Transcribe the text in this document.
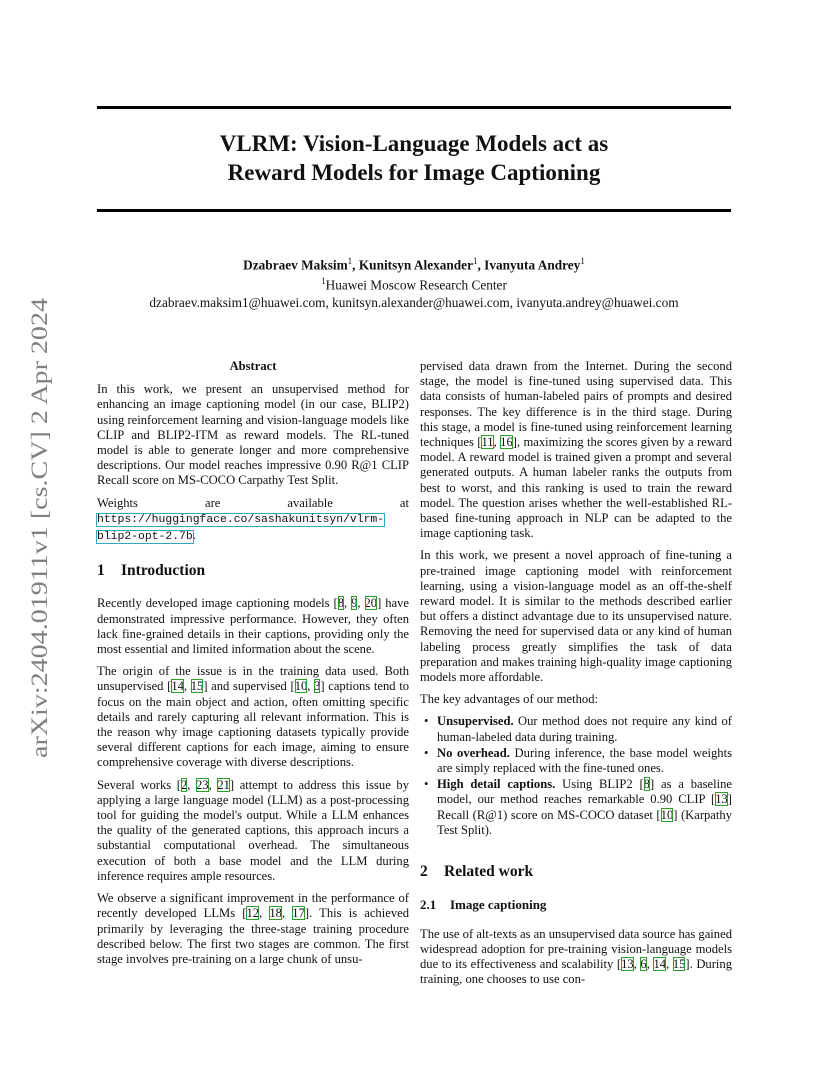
arXiv:2404.01911v1 [cs.CV] 2 Apr 2024
VLRM: Vision-Language Models act as
Reward Models for Image Captioning
Dzabraev Maksim$^1$, Kunitsyn Alexander$^1$, Ivanyuta Andrey$^1$
$^1$Huawei Moscow Research Center
dzabraev.maksim1@huawei.com, kunitsyn.alexander@huawei.com, ivanyuta.andrey@huawei.com
Abstract

In this work, we present an unsupervised method for enhancing an image captioning model (in our case, BLIP2) using reinforcement learning and vision-language models like CLIP and BLIP2-ITM as reward models. The RL-tuned model is able to generate longer and more comprehensive descriptions. Our model reaches impressive 0.90 R@1 CLIP Recall score on MS-COCO Carpathy Test Split.

Weights are available at https://huggingface.co/sashakunitsyn/vlrm-blip2-opt-2.7b.

1 Introduction

Recently developed image captioning models [8, 9, 20] have demonstrated impressive performance. However, they often lack fine-grained details in their captions, providing only the most essential and limited information about the scene.

The origin of the issue is in the training data used. Both unsupervised [14, 15] and supervised [10, 3] captions tend to focus on the main object and action, often omitting specific details and rarely capturing all relevant information. This is the reason why image captioning datasets typically provide several different captions for each image, aiming to ensure comprehensive coverage with diverse descriptions.

Several works [2, 23, 21] attempt to address this issue by applying a large language model (LLM) as a post-processing tool for guiding the model's output. While a LLM enhances the quality of the generated captions, this approach incurs a substantial computational overhead. The simultaneous execution of both a base model and the LLM during inference requires ample resources.

We observe a significant improvement in the performance of recently developed LLMs [12, 18, 17]. This is achieved primarily by leveraging the three-stage training procedure described below. The first two stages are common. The first stage involves pre-training on a large chunk of unsu-

pervised data drawn from the Internet. During the second stage, the model is fine-tuned using supervised data. This data consists of human-labeled pairs of prompts and desired responses. The key difference is in the third stage. During this stage, a model is fine-tuned using reinforcement learning techniques [11, 16], maximizing the scores given by a reward model. A reward model is trained given a prompt and several generated outputs. A human labeler ranks the outputs from best to worst, and this ranking is used to train the reward model. The question arises whether the well-established RL-based fine-tuning approach in NLP can be adapted to the image captioning task.

In this work, we present a novel approach of fine-tuning a pre-trained image captioning model with reinforcement learning, using a vision-language model as an off-the-shelf reward model. It is similar to the methods described earlier but offers a distinct advantage due to its unsupervised nature. Removing the need for supervised data or any kind of human labeling process greatly simplifies the task of data preparation and makes training high-quality image captioning models more affordable.

The key advantages of our method:

• Unsupervised. Our method does not require any kind of human-labeled data during training.
• No overhead. During inference, the base model weights are simply replaced with the fine-tuned ones.
• High detail captions. Using BLIP2 [8] as a baseline model, our method reaches remarkable 0.90 CLIP [13] Recall (R@1) score on MS-COCO dataset [10] (Karpathy Test Split).
2 Related work
2.1 Image captioning

The use of alt-texts as an unsupervised data source has gained widespread adoption for pre-training vision-language models due to its effectiveness and scalability [13, 6, 14, 15]. During training, one chooses to use con-
